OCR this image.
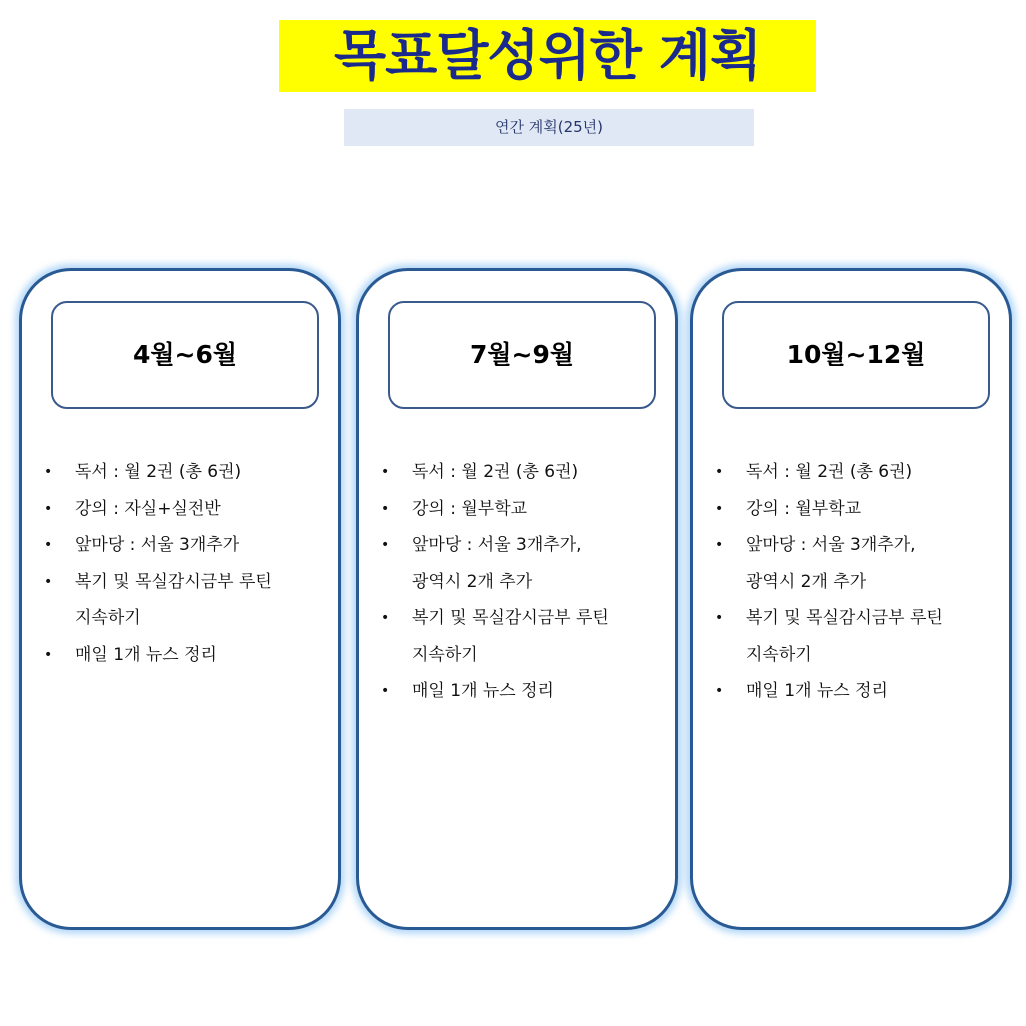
목표달성위한 계획
연간 계획(25년)
4월~6월
• 독서 : 월 2권 (총 6권)
• 강의 : 자실+실전반
• 앞마당 : 서울 3개추가
• 복기 및 목실감시금부 루틴
지속하기
• 매일 1개 뉴스 정리
7월~9월
• 독서 : 월 2권 (총 6권)
• 강의 : 월부학교
• 앞마당 : 서울 3개추가,
광역시 2개 추가
• 복기 및 목실감시금부 루틴
지속하기
• 매일 1개 뉴스 정리
10월~12월
• 독서 : 월 2권 (총 6권)
• 강의 : 월부학교
• 앞마당 : 서울 3개추가,
광역시 2개 추가
• 복기 및 목실감시금부 루틴
지속하기
• 매일 1개 뉴스 정리
